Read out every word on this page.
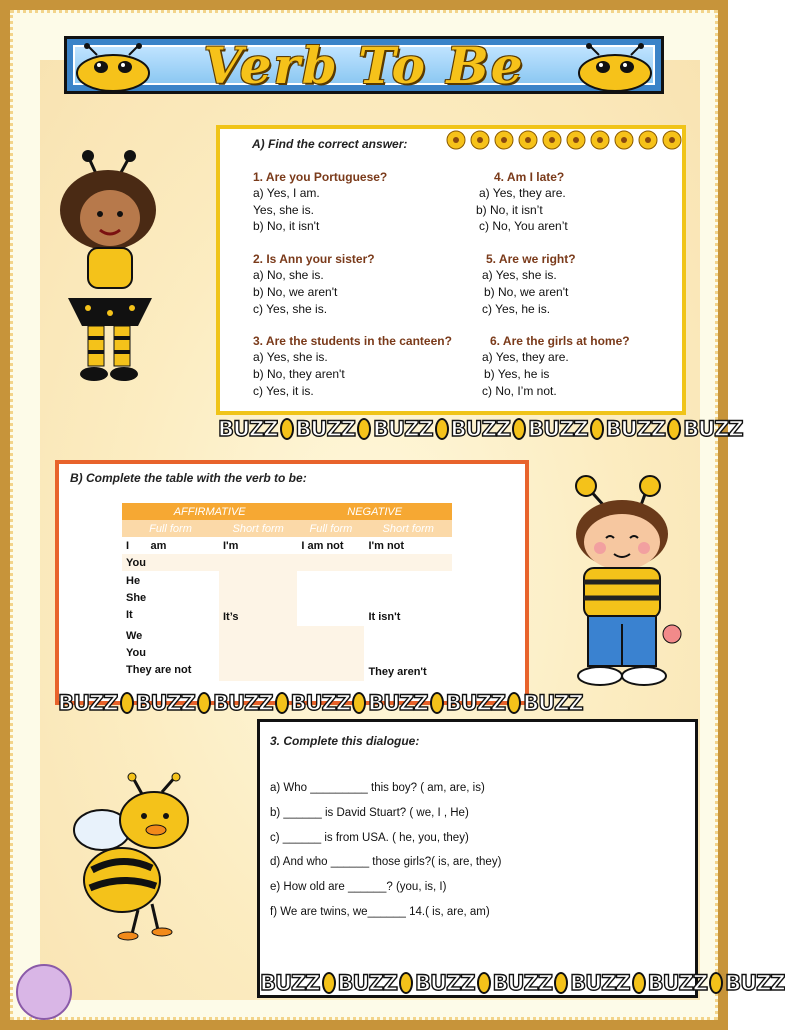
Verb To Be
A) Find the correct answer:
1. Are you Portuguese?
a) Yes, I am.
Yes, she is.
b) No, it isn't
4. Am I late?
a) Yes, they are.
b) No, it isn’t
c) No, You aren’t
2. Is Ann your sister?
a) No, she is.
b) No, we aren't
c) Yes, she is.
5. Are we right?
a) Yes, she is.
b) No, we aren't
c) Yes, he is.
3. Are the students in the canteen?
a) Yes, she is.
b) No, they aren't
c) Yes, it is.
6. Are the girls at home?
a) Yes, they are.
b) Yes, he is
c) No, I’m not.
BUZZ BUZZ BUZZ BUZZ BUZZ BUZZ BUZZ
B) Complete the table with the verb to be:
AFFIRMATIVE		NEGATIVE	
Full form	Short form	Full form	Short form
I am	I'm	I am not	I'm not
You			

He
She
It	It’s		It isn't

We
You
They are not			They aren't
BUZZ BUZZ BUZZ BUZZ BUZZ BUZZ BUZZ
3. Complete this dialogue:
a) Who _________ this boy? ( am, are, is)
b) ______ is David Stuart? ( we, I , He)
c) ______ is from USA. ( he, you, they)
d) And who ______ those girls?( is, are, they)
e) How old are ______? (you, is, I)
f) We are twins, we______ 14.( is, are, am)
BUZZ BUZZ BUZZ BUZZ BUZZ BUZZ BUZZ
